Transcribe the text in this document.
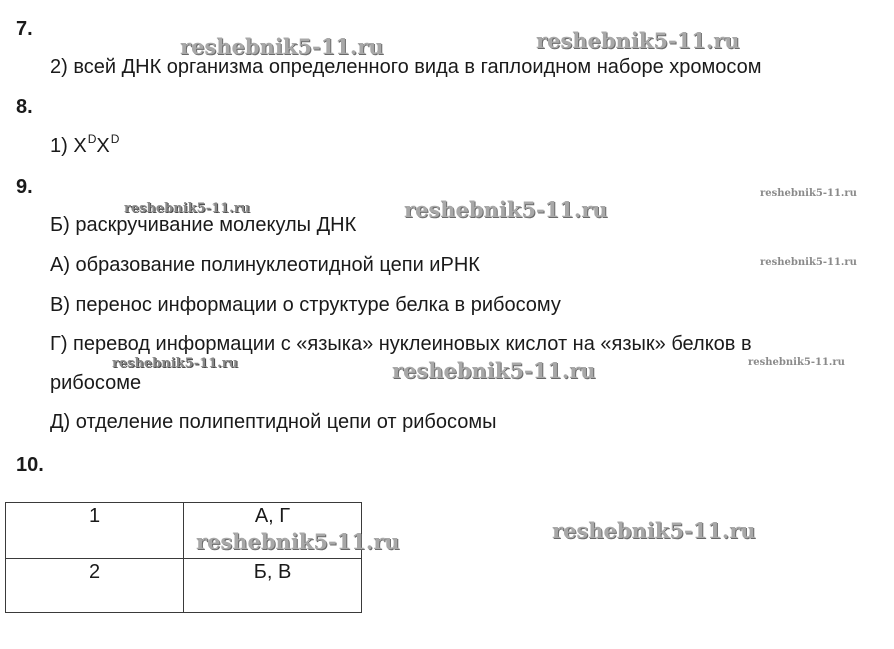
7.
2) всей ДНК организма определенного вида в гаплоидном наборе хромосом
8.
1) $X^DX^D$
9.
Б) раскручивание молекулы ДНК
А) образование полинуклеотидной цепи иРНК
В) перенос информации о структуре белка в рибосому
Г) перевод информации с «языка» нуклеиновых кислот на «язык» белков в
рибосоме
Д) отделение полипептидной цепи от рибосомы
10.
1	А, Г
2	Б, В
reshebnik5-11.ru	reshebnik5-11.ru
reshebnik5-11.ru	reshebnik5-11.ru
reshebnik5-11.ru
reshebnik5-11.ru
reshebnik5-11.ru	reshebnik5-11.ru	reshebnik5-11.ru
reshebnik5-11.ru	reshebnik5-11.ru
